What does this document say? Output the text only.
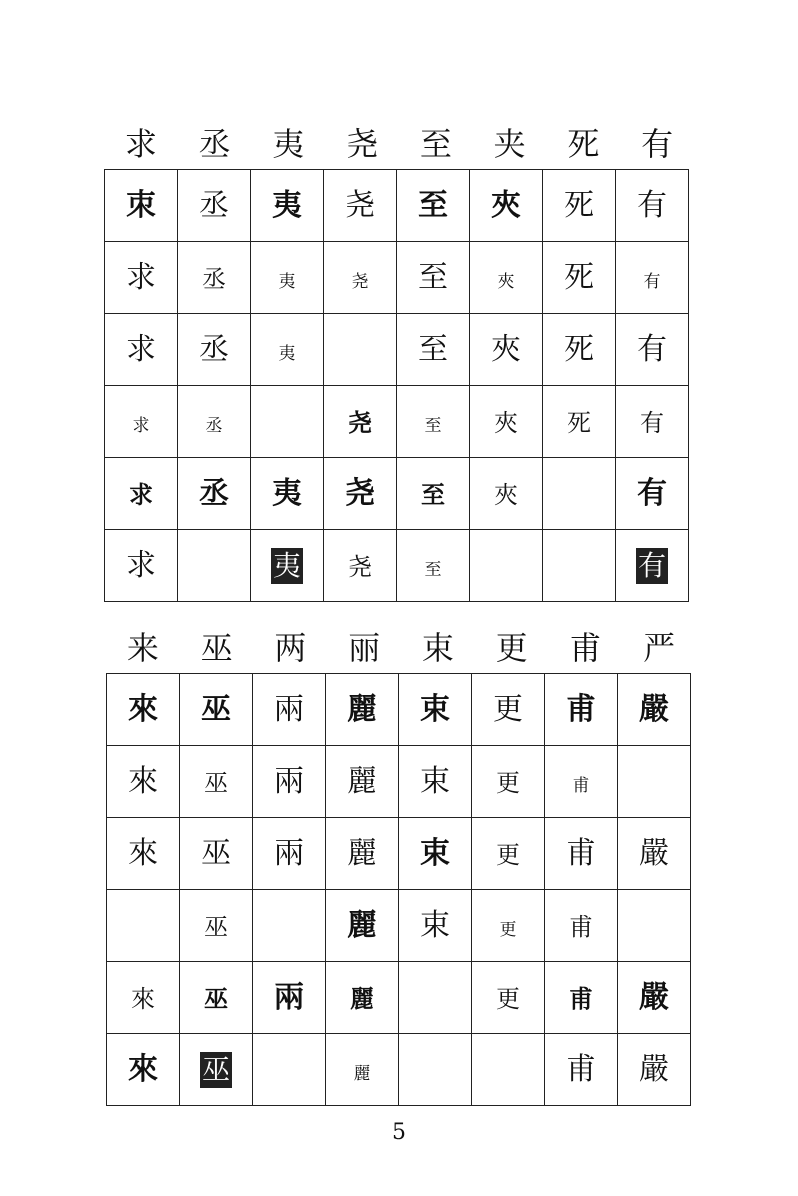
求	丞	夷	尧	至	夹	死	有
朿	丞	夷	尧	至	夾	死	有
求	丞	夷	尧	至	夾	死	有
求	丞	夷		至	夾	死	有
求	丞		尧	至	夾	死	有
求	丞	夷	尧	至	夾		有
求		夷	尧	至			有
来	巫	两	丽	束	更	甫	严
來	巫	兩	麗	束	更	甫	嚴
來	巫	兩	麗	束	更	甫	
來	巫	兩	麗	束	更	甫	嚴
	巫		麗	束	更	甫	
來	巫	兩	麗		更	甫	嚴
來	巫		麗			甫	嚴
5
